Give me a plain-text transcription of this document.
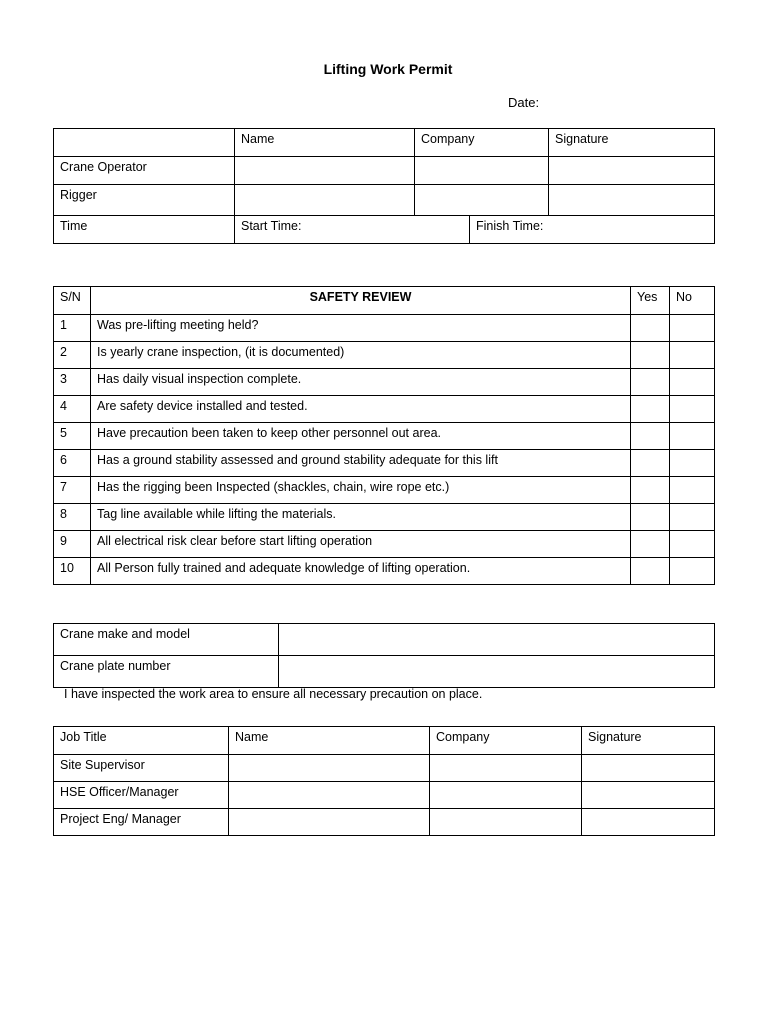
Lifting Work Permit
Date:
	Name	Company		Signature
Crane Operator				
Rigger				
Time	Start Time:		Finish Time:	
S/N	SAFETY REVIEW	Yes	No
1	Was pre-lifting meeting held?		
2	Is yearly crane inspection, (it is documented)		
3	Has daily visual inspection complete.		
4	Are safety device installed and tested.		
5	Have precaution been taken to keep other personnel out area.		
6	Has a ground stability assessed and ground stability adequate for this lift		
7	Has the rigging been Inspected (shackles, chain, wire rope etc.)		
8	Tag line available while lifting the materials.		
9	All electrical risk clear before start lifting operation		
10	All Person fully trained and adequate knowledge of lifting operation.		
Crane make and model	
Crane plate number	
I have inspected the work area to ensure all necessary precaution on place.
Job Title	Name	Company	Signature
Site Supervisor			
HSE Officer/Manager			
Project Eng/ Manager			
